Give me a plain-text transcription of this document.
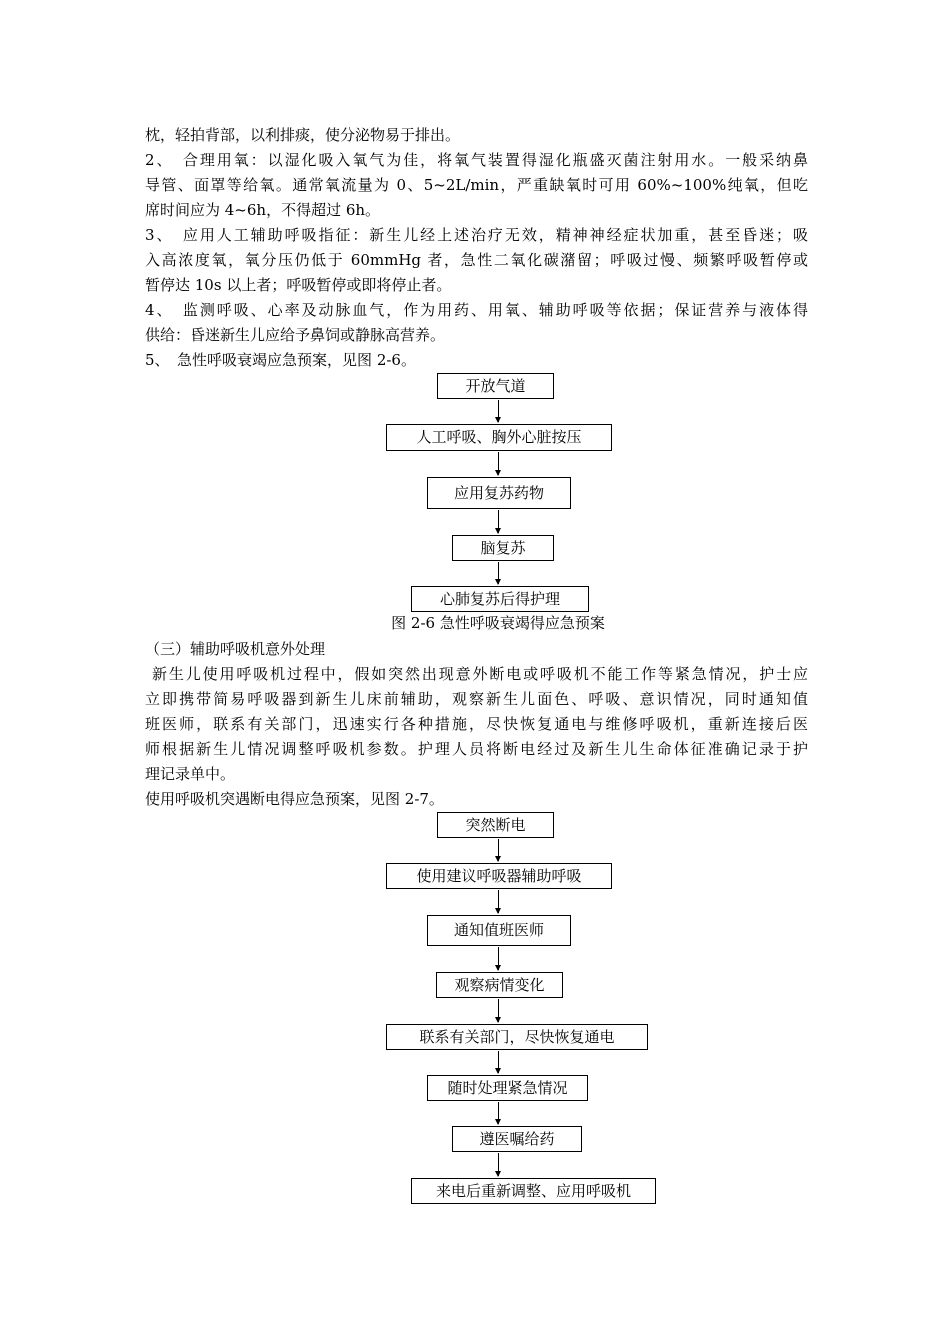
枕，轻拍背部，以利排痰，使分泌物易于排出。
2、　合理用氧：以湿化吸入氧气为佳，将氧气装置得湿化瓶盛灭菌注射用水。一般采纳鼻
导管、面罩等给氧。通常氧流量为 0、5~2L/min，严重缺氧时可用 60%~100%纯氧，但吃
席时间应为 4~6h，不得超过 6h。
3、　应用人工辅助呼吸指征：新生儿经上述治疗无效，精神神经症状加重，甚至昏迷；吸
入高浓度氧，氧分压仍低于 60mmHg 者，急性二氧化碳潴留；呼吸过慢、频繁呼吸暂停或
暂停达 10s 以上者；呼吸暂停或即将停止者。
4、　监测呼吸、心率及动脉血气，作为用药、用氧、辅助呼吸等依据；保证营养与液体得
供给：昏迷新生儿应给予鼻饲或静脉高营养。
5、　急性呼吸衰竭应急预案，见图 2-6。
开放气道
人工呼吸、胸外心脏按压
应用复苏药物
脑复苏
心肺复苏后得护理
图 2-6 急性呼吸衰竭得应急预案
（三）辅助呼吸机意外处理
新生儿使用呼吸机过程中，假如突然出现意外断电或呼吸机不能工作等紧急情况，护士应
立即携带简易呼吸器到新生儿床前辅助，观察新生儿面色、呼吸、意识情况，同时通知值
班医师，联系有关部门，迅速实行各种措施，尽快恢复通电与维修呼吸机，重新连接后医
师根据新生儿情况调整呼吸机参数。护理人员将断电经过及新生儿生命体征准确记录于护
理记录单中。
使用呼吸机突遇断电得应急预案，见图 2-7。
突然断电
使用建议呼吸器辅助呼吸
通知值班医师
观察病情变化
联系有关部门，尽快恢复通电
随时处理紧急情况
遵医嘱给药
来电后重新调整、应用呼吸机
